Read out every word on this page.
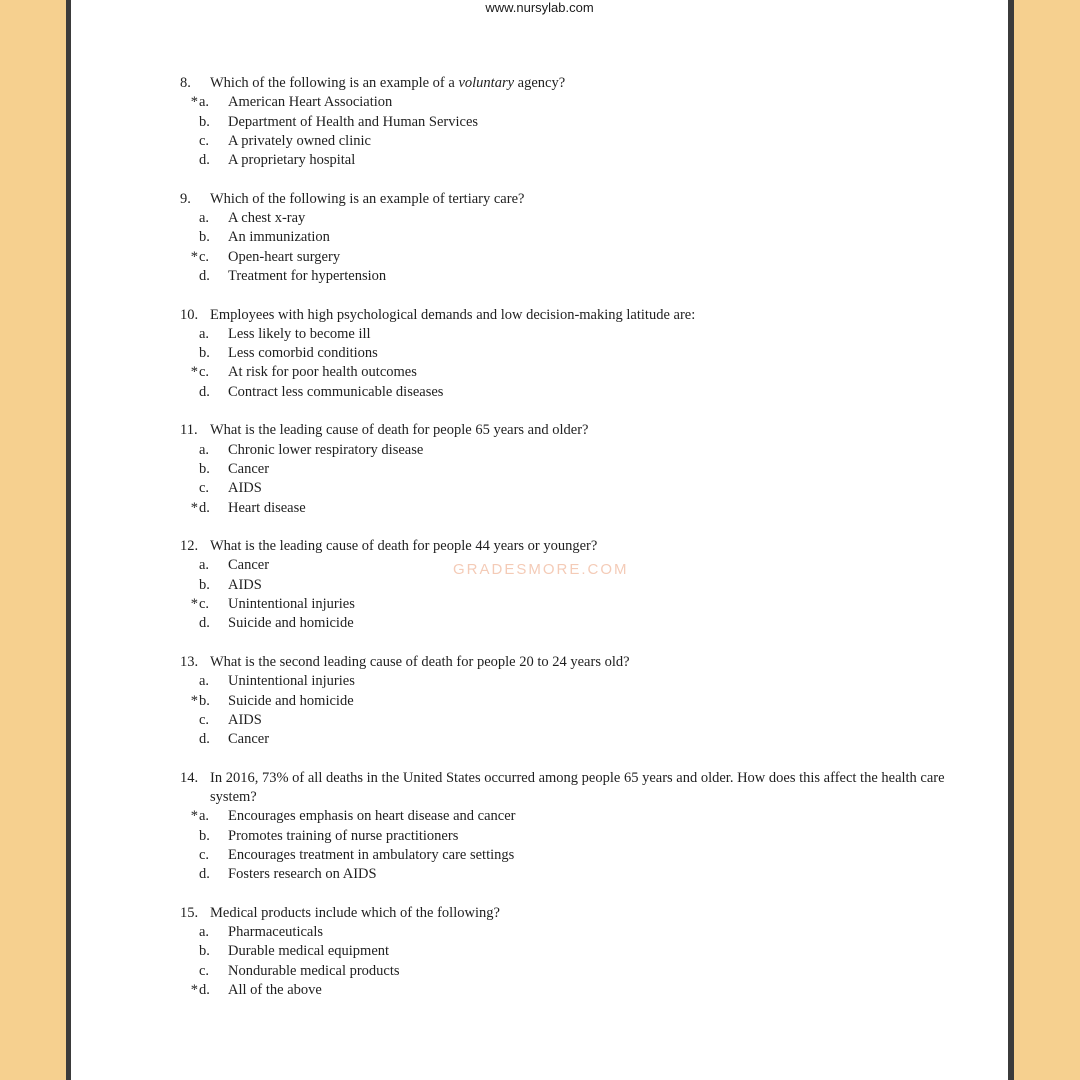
www.nursylab.com
GRADESMORE.COM
8.	Which of the following is an example of a voluntary agency?
* a.	American Heart Association
b.	Department of Health and Human Services
c.	A privately owned clinic
d.	A proprietary hospital
9.	Which of the following is an example of tertiary care?
a.	A chest x-ray
b.	An immunization
* c.	Open-heart surgery
d.	Treatment for hypertension
10. Employees with high psychological demands and low decision-making latitude are:
a.	Less likely to become ill
b.	Less comorbid conditions
* c.	At risk for poor health outcomes
d.	Contract less communicable diseases
11. What is the leading cause of death for people 65 years and older?
a.	Chronic lower respiratory disease
b.	Cancer
c.	AIDS
* d.	Heart disease
12. What is the leading cause of death for people 44 years or younger?
a.	Cancer
b.	AIDS
* c.	Unintentional injuries
d.	Suicide and homicide
13. What is the second leading cause of death for people 20 to 24 years old?
a.	Unintentional injuries
* b.	Suicide and homicide
c.	AIDS
d.	Cancer
14. In 2016, 73% of all deaths in the United States occurred among people 65 years and older. How does this affect the health care system?
* a.	Encourages emphasis on heart disease and cancer
b.	Promotes training of nurse practitioners
c.	Encourages treatment in ambulatory care settings
d.	Fosters research on AIDS
15. Medical products include which of the following?
a.	Pharmaceuticals
b.	Durable medical equipment
c.	Nondurable medical products
* d.	All of the above
